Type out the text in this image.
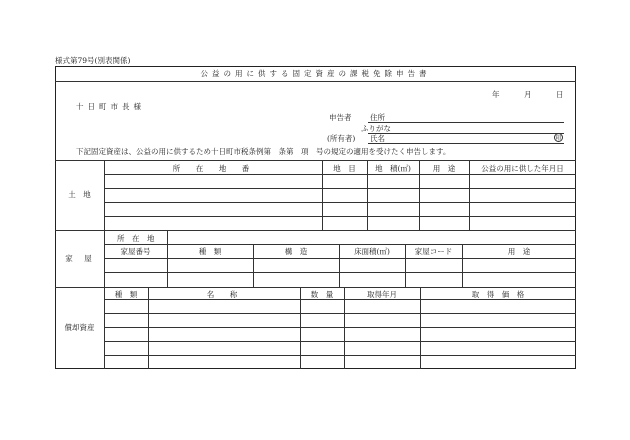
様式第79号(別表関係)
公益の用に供する固定資産の課税免除申告書
年	月	日
十日町市長様
申告者 住所
ふりがな
(所有者) 氏名	印
下記固定資産は、公益の用に供するため十日町市税条例第　条第　項　号の規定の適用を受けたく申告します。
土　地
所　在　地　番	地　目	地　積(㎡)	用　途	公益の用に供した年月日
家　屋
所　在　地
家屋番号	種　類	構　造	床面積(㎡)	家屋コード	用　途
償却資産
種　類	名　称	数　量	取得年月	取　得　価　格
